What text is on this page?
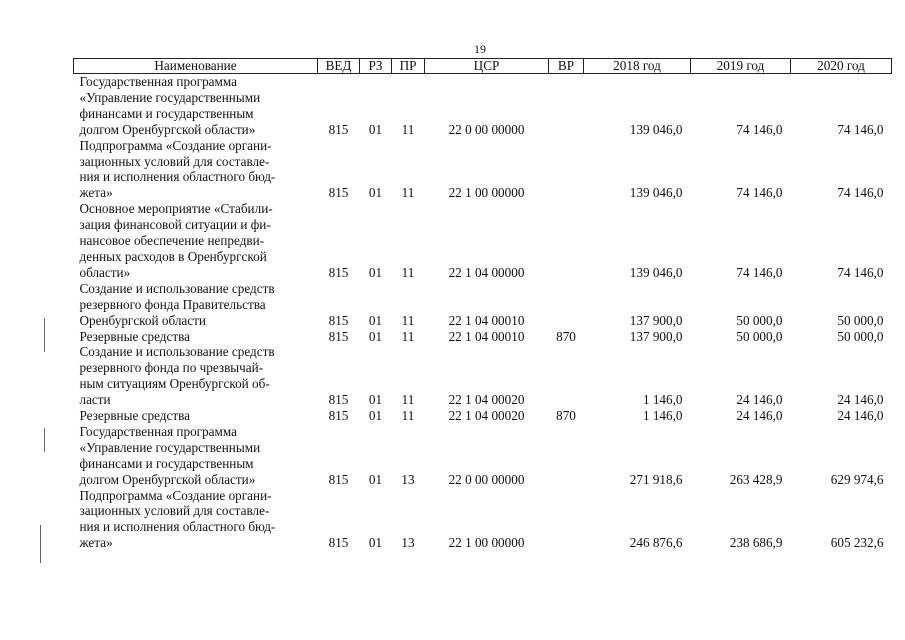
19
Наименование	ВЕД	РЗ	ПР	ЦСР	ВР	2018 год	2019 год	2020 год

Государственная программа
«Управление государственными
финансами и государственным
долгом Оренбургской области»	815	01	11	22 0 00 00000		139 046,0	74 146,0	74 146,0

Подпрограмма «Создание органи-
зационных условий для составле-
ния и исполнения областного бюд-
жета»	815	01	11	22 1 00 00000		139 046,0	74 146,0	74 146,0

Основное мероприятие «Стабили-
зация финансовой ситуации и фи-
нансовое обеспечение непредви-
денных расходов в Оренбургской
области»	815	01	11	22 1 04 00000		139 046,0	74 146,0	74 146,0

Создание и использование средств
резервного фонда Правительства
Оренбургской области	815	01	11	22 1 04 00010		137 900,0	50 000,0	50 000,0

Резервные средства	815	01	11	22 1 04 00010	870	137 900,0	50 000,0	50 000,0

Создание и использование средств
резервного фонда по чрезвычай-
ным ситуациям Оренбургской об-
ласти	815	01	11	22 1 04 00020		1 146,0	24 146,0	24 146,0

Резервные средства	815	01	11	22 1 04 00020	870	1 146,0	24 146,0	24 146,0

Государственная программа
«Управление государственными
финансами и государственным
долгом Оренбургской области»	815	01	13	22 0 00 00000		271 918,6	263 428,9	629 974,6

Подпрограмма «Создание органи-
зационных условий для составле-
ния и исполнения областного бюд-
жета»	815	01	13	22 1 00 00000		246 876,6	238 686,9	605 232,6
